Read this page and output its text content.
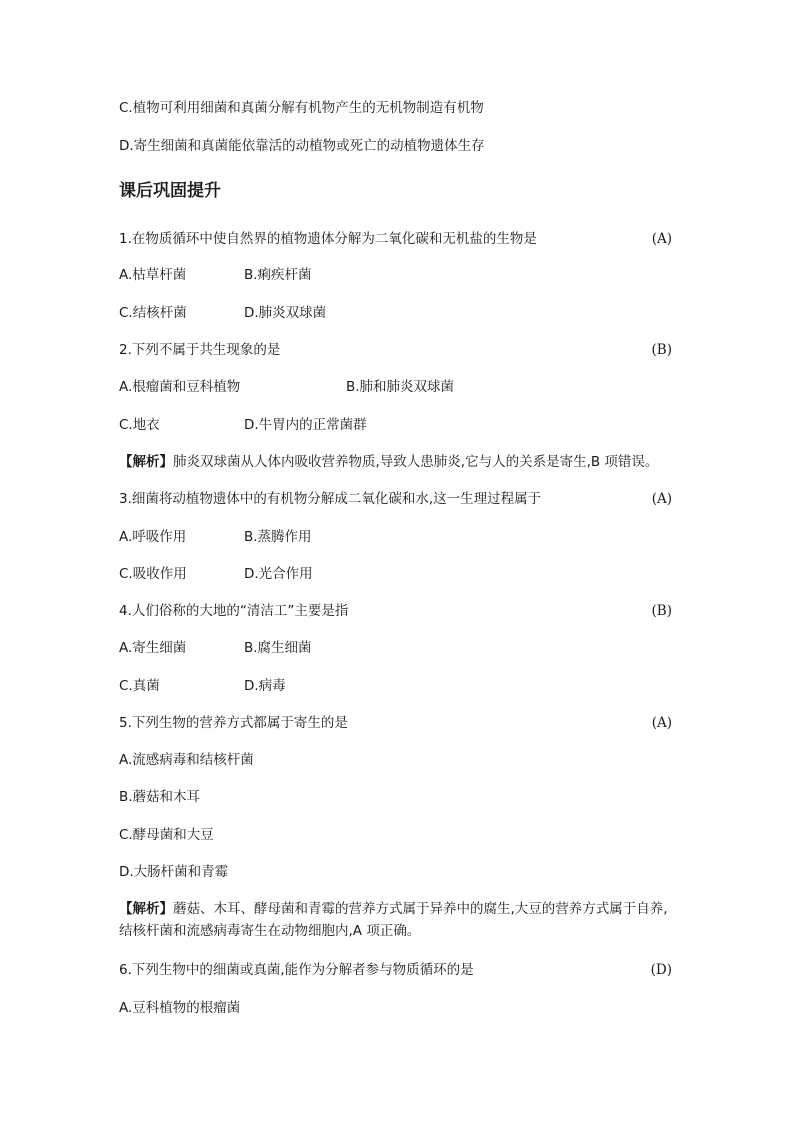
C.植物可利用细菌和真菌分解有机物产生的无机物制造有机物
D.寄生细菌和真菌能依靠活的动植物或死亡的动植物遗体生存
课后巩固提升
1.在物质循环中使自然界的植物遗体分解为二氧化碳和无机盐的生物是	(A)
A.枯草杆菌	B.痢疾杆菌
C.结核杆菌	D.肺炎双球菌
2.下列不属于共生现象的是	(B)
A.根瘤菌和豆科植物	B.肺和肺炎双球菌
C.地衣	D.牛胃内的正常菌群
【解析】肺炎双球菌从人体内吸收营养物质,导致人患肺炎,它与人的关系是寄生,B 项错误。
3.细菌将动植物遗体中的有机物分解成二氧化碳和水,这一生理过程属于	(A)
A.呼吸作用	B.蒸腾作用
C.吸收作用	D.光合作用
4.人们俗称的大地的“清洁工”主要是指	(B)
A.寄生细菌	B.腐生细菌
C.真菌	D.病毒
5.下列生物的营养方式都属于寄生的是	(A)
A.流感病毒和结核杆菌
B.蘑菇和木耳
C.酵母菌和大豆
D.大肠杆菌和青霉
【解析】蘑菇、木耳、酵母菌和青霉的营养方式属于异养中的腐生,大豆的营养方式属于自养,结核杆菌和流感病毒寄生在动物细胞内,A 项正确。
6.下列生物中的细菌或真菌,能作为分解者参与物质循环的是	(D)
A.豆科植物的根瘤菌
